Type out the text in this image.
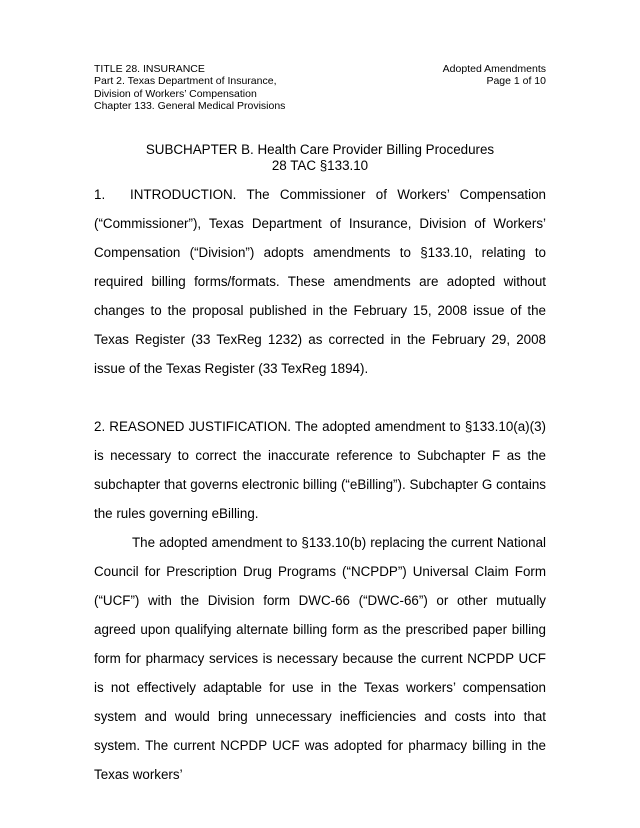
TITLE 28. INSURANCE
Part 2. Texas Department of Insurance,
Division of Workers’ Compensation
Chapter 133. General Medical Provisions
Adopted Amendments
Page 1 of 10
SUBCHAPTER B. Health Care Provider Billing Procedures
28 TAC §133.10

1. INTRODUCTION. The Commissioner of Workers’ Compensation (“Commissioner”), Texas Department of Insurance, Division of Workers’ Compensation (“Division”) adopts amendments to §133.10, relating to required billing forms/formats. These amendments are adopted without changes to the proposal published in the February 15, 2008 issue of the Texas Register (33 TexReg 1232) as corrected in the February 29, 2008 issue of the Texas Register (33 TexReg 1894).

2. REASONED JUSTIFICATION. The adopted amendment to §133.10(a)(3) is necessary to correct the inaccurate reference to Subchapter F as the subchapter that governs electronic billing (“eBilling”). Subchapter G contains the rules governing eBilling.

The adopted amendment to §133.10(b) replacing the current National Council for Prescription Drug Programs (“NCPDP”) Universal Claim Form (“UCF”) with the Division form DWC-66 (“DWC-66”) or other mutually agreed upon qualifying alternate billing form as the prescribed paper billing form for pharmacy services is necessary because the current NCPDP UCF is not effectively adaptable for use in the Texas workers’ compensation system and would bring unnecessary inefficiencies and costs into that system. The current NCPDP UCF was adopted for pharmacy billing in the Texas workers’
